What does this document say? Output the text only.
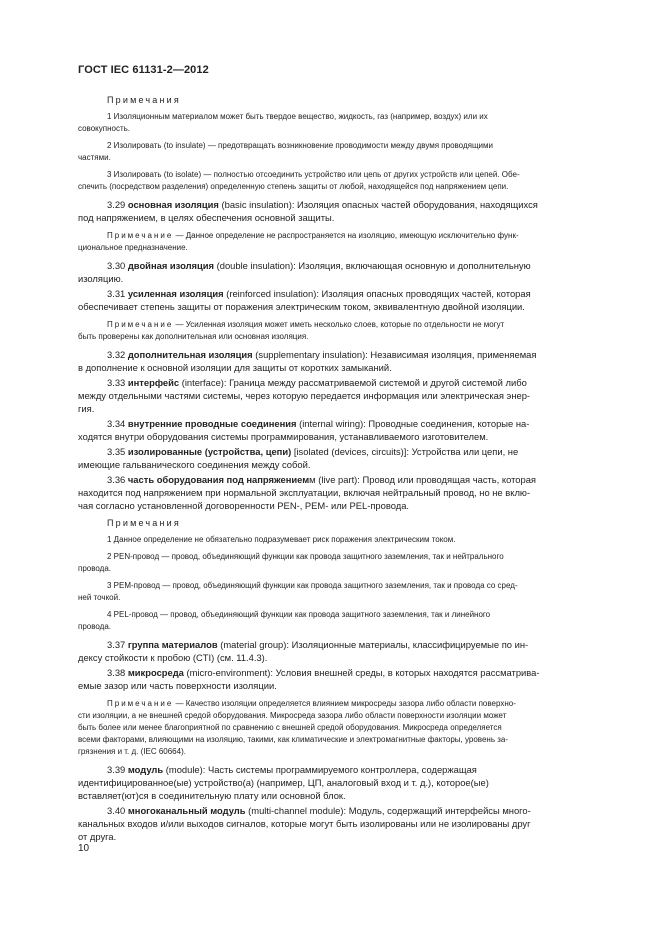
ГОСТ IEC 61131-2—2012
Примечания
1 Изоляционным материалом может быть твердое вещество, жидкость, газ (например, воздух) или их
совокупность.
2 Изолировать (to insulate) — предотвращать возникновение проводимости между двумя проводящими
частями.
3 Изолировать (to isolate) — полностью отсоединить устройство или цепь от других устройств или цепей. Обе-
спечить (посредством разделения) определенную степень защиты от любой, находящейся под напряжением цепи.
3.29 основная изоляция (basic insulation): Изоляция опасных частей оборудования, находящихся
под напряжением, в целях обеспечения основной защиты.
Примечание — Данное определение не распространяется на изоляцию, имеющую исключительно функ-
циональное предназначение.
3.30 двойная изоляция (double insulation): Изоляция, включающая основную и дополнительную
изоляцию.
3.31 усиленная изоляция (reinforced insulation): Изоляция опасных проводящих частей, которая
обеспечивает степень защиты от поражения электрическим током, эквивалентную двойной изоляции.
Примечание — Усиленная изоляция может иметь несколько слоев, которые по отдельности не могут
быть проверены как дополнительная или основная изоляция.
3.32 дополнительная изоляция (supplementary insulation): Независимая изоляция, применяемая
в дополнение к основной изоляции для защиты от коротких замыканий.
3.33 интерфейс (interface): Граница между рассматриваемой системой и другой системой либо
между отдельными частями системы, через которую передается информация или электрическая энер-
гия.
3.34 внутренние проводные соединения (internal wiring): Проводные соединения, которые на-
ходятся внутри оборудования системы программирования, устанавливаемого изготовителем.
3.35 изолированные (устройства, цепи) [isolated (devices, circuits)]: Устройства или цепи, не
имеющие гальванического соединения между собой.
3.36 часть оборудования под напряжениемм (live part): Провод или проводящая часть, которая
находится под напряжением при нормальной эксплуатации, включая нейтральный провод, но не вклю-
чая согласно установленной договоренности PEN-, PEM- или PEL-провода.
Примечания
1 Данное определение не обязательно подразумевает риск поражения электрическим током.
2 PEN-провод — провод, объединяющий функции как провода защитного заземления, так и нейтрального
провода.
3 PEM-провод — провод, объединяющий функции как провода защитного заземления, так и провода со сред-
ней точкой.
4 PEL-провод — провод, объединяющий функции как провода защитного заземления, так и линейного
провода.
3.37 группа материалов (material group): Изоляционные материалы, классифицируемые по ин-
дексу стойкости к пробою (CTI) (см. 11.4.3).
3.38 микросреда (micro-environment): Условия внешней среды, в которых находятся рассматрива-
емые зазор или часть поверхности изоляции.
Примечание — Качество изоляции определяется влиянием микросреды зазора либо области поверхно-
сти изоляции, а не внешней средой оборудования. Микросреда зазора либо области поверхности изоляции может
быть более или менее благоприятной по сравнению с внешней средой оборудования. Микросреда определяется
всеми факторами, влияющими на изоляцию, такими, как климатические и электромагнитные факторы, уровень за-
грязнения и т. д. (IEC 60664).
3.39 модуль (module): Часть системы программируемого контроллера, содержащая
идентифицированное(ые) устройство(а) (например, ЦП, аналоговый вход и т. д.), которое(ые)
вставляет(ют)ся в соединительную плату или основной блок.
3.40 многоканальный модуль (multi-channel module): Модуль, содержащий интерфейсы много-
канальных входов и/или выходов сигналов, которые могут быть изолированы или не изолированы друг
от друга.
10
